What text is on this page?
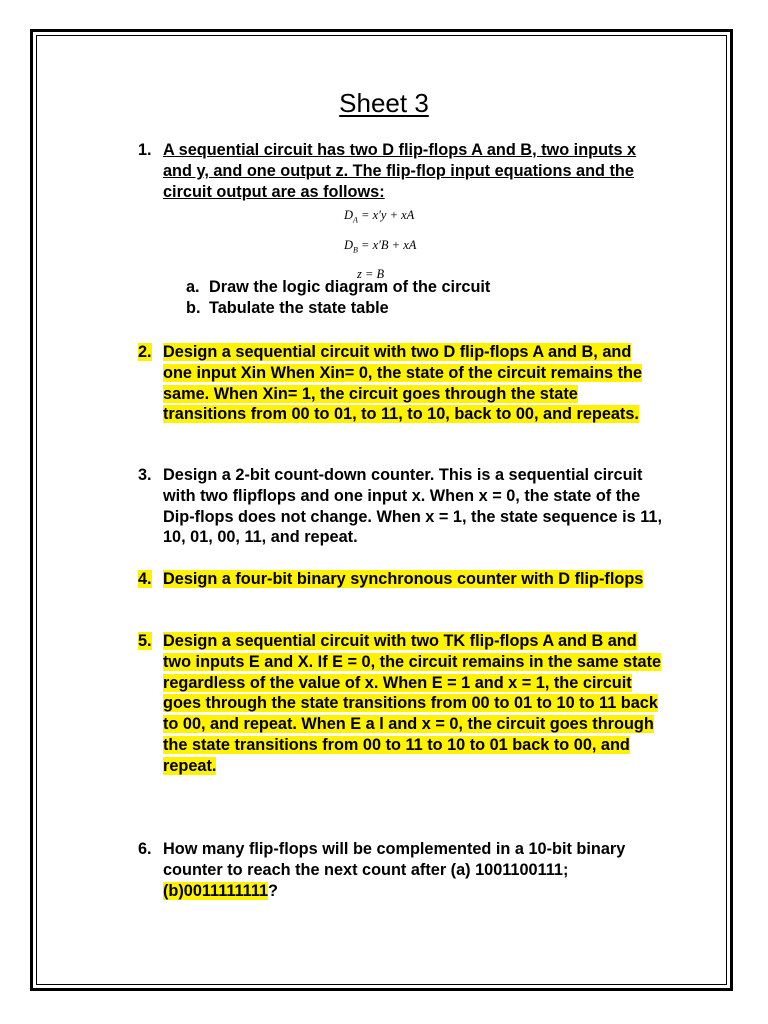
Sheet 3
1. A sequential circuit has two D flip-flops A and B, two inputs x and y, and one output z. The flip-flop input equations and the circuit output are as follows:
$D_A = x'y$ + xA
$D_B = x'B$ + xA
z = B
a. Draw the logic diagram of the circuit
b. Tabulate the state table
2. Design a sequential circuit with two D flip-flops A and B, and one input Xin When Xin= 0, the state of the circuit remains the same. When Xin= 1, the circuit goes through the state transitions from 00 to 01, to 11, to 10, back to 00, and repeats.
3. Design a 2-bit count-down counter. This is a sequential circuit with two flipflops and one input x. When x = 0, the state of the Dip-flops does not change. When x = 1, the state sequence is 11, 10, 01, 00, 11, and repeat.
4. Design a four-bit binary synchronous counter with D flip-flops
5. Design a sequential circuit with two TK flip-flops A and B and two inputs E and X. If E = 0, the circuit remains in the same state regardless of the value of x. When E = 1 and x = 1, the circuit goes through the state transitions from 00 to 01 to 10 to 11 back to 00, and repeat. When E a l and x = 0, the circuit goes through the state transitions from 00 to 11 to 10 to 01 back to 00, and repeat.
6. How many flip-flops will be complemented in a 10-bit binary counter to reach the next count after (a) 1001100111; (b)0011111111?
